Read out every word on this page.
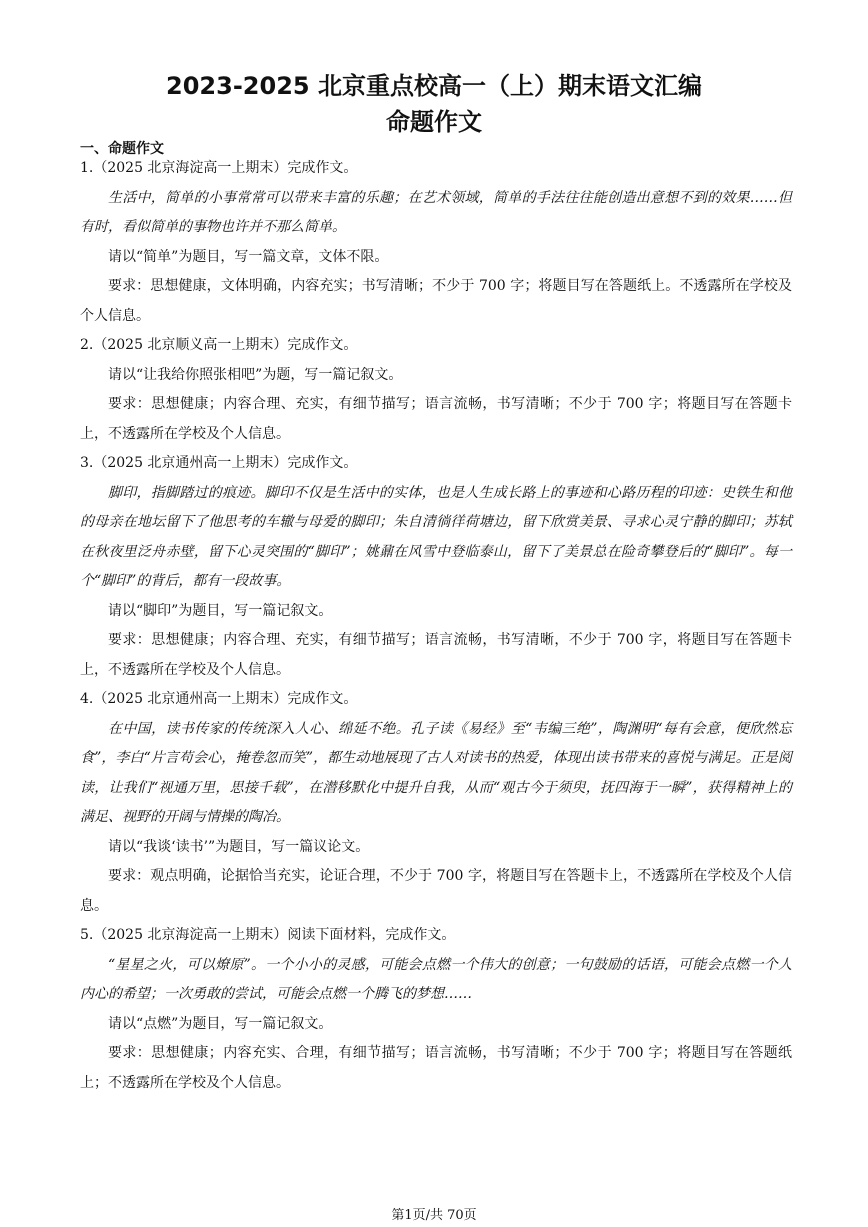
2023-2025 北京重点校高一（上）期末语文汇编
命题作文
一、命题作文

1.（2025 北京海淀高一上期末）完成作文。

生活中，简单的小事常常可以带来丰富的乐趣；在艺术领域，简单的手法往往能创造出意想不到的效果……但有时，看似简单的事物也许并不那么简单。

请以“简单”为题目，写一篇文章，文体不限。

要求：思想健康，文体明确，内容充实；书写清晰；不少于 700 字；将题目写在答题纸上。不透露所在学校及个人信息。

2.（2025 北京顺义高一上期末）完成作文。

请以“让我给你照张相吧”为题，写一篇记叙文。

要求：思想健康；内容合理、充实，有细节描写；语言流畅，书写清晰；不少于 700 字；将题目写在答题卡上，不透露所在学校及个人信息。

3.（2025 北京通州高一上期末）完成作文。

脚印，指脚踏过的痕迹。脚印不仅是生活中的实体，也是人生成长路上的事迹和心路历程的印迹：史铁生和他的母亲在地坛留下了他思考的车辙与母爱的脚印；朱自清徜徉荷塘边，留下欣赏美景、寻求心灵宁静的脚印；苏轼在秋夜里泛舟赤壁，留下心灵突围的“脚印”；姚鼐在风雪中登临泰山，留下了美景总在险奇攀登后的“脚印”。每一个“脚印”的背后，都有一段故事。

请以“脚印”为题目，写一篇记叙文。

要求：思想健康；内容合理、充实，有细节描写；语言流畅，书写清晰，不少于 700 字，将题目写在答题卡上，不透露所在学校及个人信息。

4.（2025 北京通州高一上期末）完成作文。

在中国，读书传家的传统深入人心、绵延不绝。孔子读《易经》至“韦编三绝”，陶渊明“每有会意，便欣然忘食”，李白“片言苟会心，掩卷忽而笑”，都生动地展现了古人对读书的热爱，体现出读书带来的喜悦与满足。正是阅读，让我们“视通万里，思接千载”，在潜移默化中提升自我，从而“观古今于须臾，抚四海于一瞬”，获得精神上的满足、视野的开阔与情操的陶冶。

请以“我谈‘读书’”为题目，写一篇议论文。

要求：观点明确，论据恰当充实，论证合理，不少于 700 字，将题目写在答题卡上，不透露所在学校及个人信息。

5.（2025 北京海淀高一上期末）阅读下面材料，完成作文。

“星星之火，可以燎原”。一个小小的灵感，可能会点燃一个伟大的创意；一句鼓励的话语，可能会点燃一个人内心的希望；一次勇敢的尝试，可能会点燃一个腾飞的梦想……

请以“点燃”为题目，写一篇记叙文。

要求：思想健康；内容充实、合理，有细节描写；语言流畅，书写清晰；不少于 700 字；将题目写在答题纸上；不透露所在学校及个人信息。

第1页/共 70页
